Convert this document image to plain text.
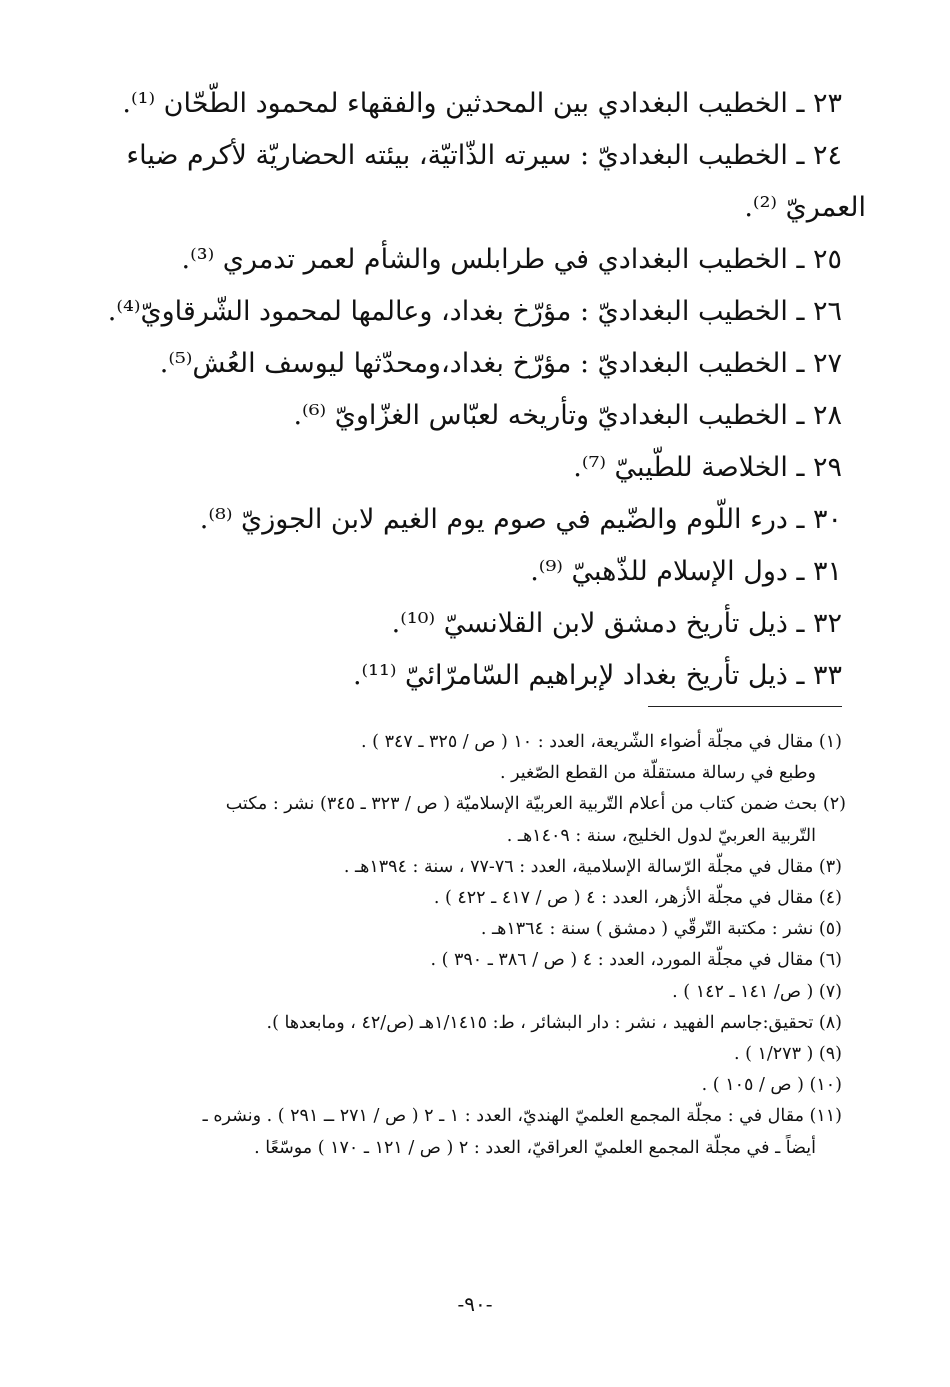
٢٣ ـ الخطيب البغدادي بين المحدثين والفقهاء لمحمود الطّحّان ⁽¹⁾.
٢٤ ـ الخطيب البغداديّ : سيرته الذّاتيّة، بيئته الحضاريّة لأكرم ضياء
العمريّ ⁽²⁾.
٢٥ ـ الخطيب البغدادي في طرابلس والشأم لعمر تدمري ⁽³⁾.
٢٦ ـ الخطيب البغداديّ : مؤرّخ بغداد، وعالمها لمحمود الشّرقاويّ⁽⁴⁾.
٢٧ ـ الخطيب البغداديّ : مؤرّخ بغداد،ومحدّثها ليوسف العُش⁽⁵⁾.
٢٨ ـ الخطيب البغداديّ وتأريخه لعبّاس الغزّاويّ ⁽⁶⁾.
٢٩ ـ الخلاصة للطّيبيّ ⁽⁷⁾.
٣٠ ـ درء اللّوم والضّيم في صوم يوم الغيم لابن الجوزيّ ⁽⁸⁾.
٣١ ـ دول الإسلام للذّهبيّ ⁽⁹⁾.
٣٢ ـ ذيل تأريخ دمشق لابن القلانسيّ ⁽¹⁰⁾.
٣٣ ـ ذيل تأريخ بغداد لإبراهيم السّامرّائيّ ⁽¹¹⁾.
(١) مقال في مجلّة أضواء الشّريعة، العدد : ١٠ ( ص / ٣٢٥ ـ ٣٤٧ ) .
وطبع في رسالة مستقلّة من القطع الصّغير .
(٢) بحث ضمن كتاب من أعلام التّربية العربيّة الإسلاميّة ( ص / ٣٢٣ ـ ٣٤٥) نشر : مكتب
التّربية العربيّ لدول الخليج، سنة : ١٤٠٩هـ .
(٣) مقال في مجلّة الرّسالة الإسلامية، العدد : ٧٦-٧٧ ، سنة : ١٣٩٤هـ .
(٤) مقال في مجلّة الأزهر، العدد : ٤ ( ص / ٤١٧ ـ ٤٢٢ ) .
(٥) نشر : مكتبة التّرقّي ( دمشق ) سنة : ١٣٦٤هـ .
(٦) مقال في مجلّة المورد، العدد : ٤ ( ص / ٣٨٦ ـ ٣٩٠ ) .
(٧) ( ص/ ١٤١ ـ ١٤٢ ) .
(٨) تحقيق:جاسم الفهيد ، نشر : دار البشائر ، ط: ١/١٤١٥هـ (ص/٤٢ ، ومابعدها ).
(٩) ( ١/٢٧٣ ) .
(١٠) ( ص / ١٠٥ ) .
(١١) مقال في : مجلّة المجمع العلميّ الهنديّ، العدد : ١ ـ ٢ ( ص / ٢٧١ ــ ٢٩١ ) . ونشره ـ
أيضاً ـ في مجلّة المجمع العلميّ العراقيّ، العدد : ٢ ( ص / ١٢١ ـ ١٧٠ ) موسّعًا .
-٩٠-
